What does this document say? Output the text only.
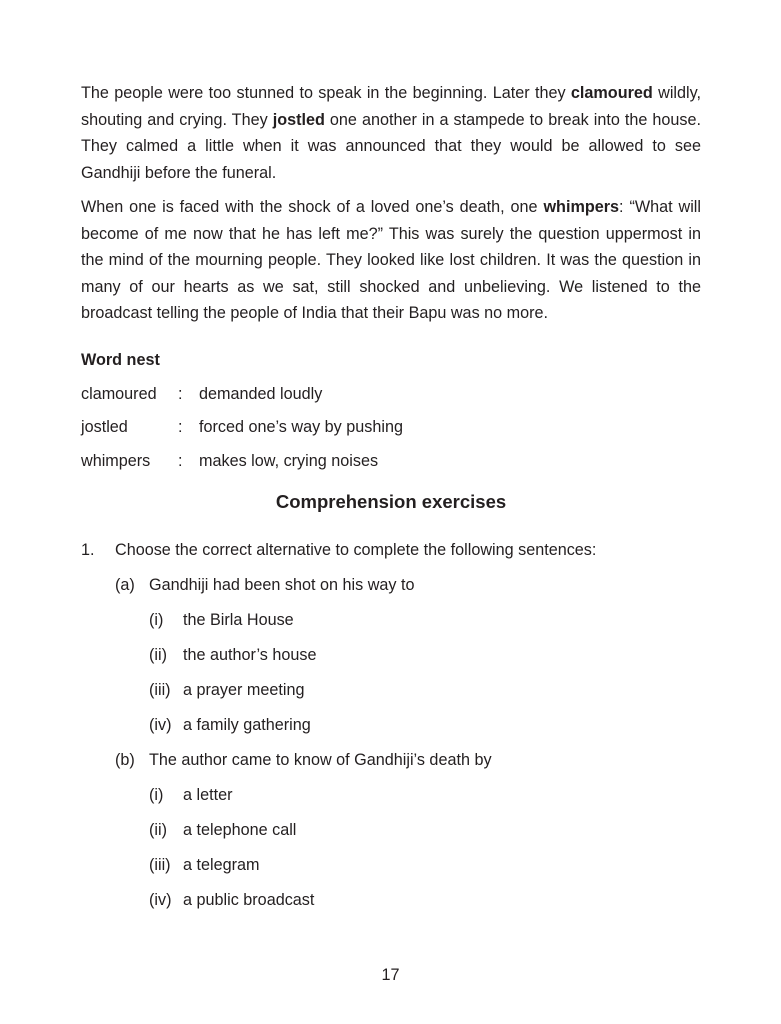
The people were too stunned to speak in the beginning. Later they clamoured wildly, shouting and crying. They jostled one another in a stampede to break into the house. They calmed a little when it was announced that they would be allowed to see Gandhiji before the funeral.

When one is faced with the shock of a loved one’s death, one whimpers: “What will become of me now that he has left me?” This was surely the question uppermost in the mind of the mourning people. They looked like lost children. It was the question in many of our hearts as we sat, still shocked and unbelieving. We listened to the broadcast telling the people of India that their Bapu was no more.

Word nest
clamoured	:	demanded loudly
jostled	:	forced one’s way by pushing
whimpers	:	makes low, crying noises
Comprehension exercises
1.	Choose the correct alternative to complete the following sentences:
(a) Gandhiji had been shot on his way to
(i)	the Birla House
(ii) the author’s house
(iii) a prayer meeting
(iv) a family gathering
(b) The author came to know of Gandhiji’s death by
(i)	a letter
(ii) a telephone call
(iii) a telegram
(iv) a public broadcast
17
